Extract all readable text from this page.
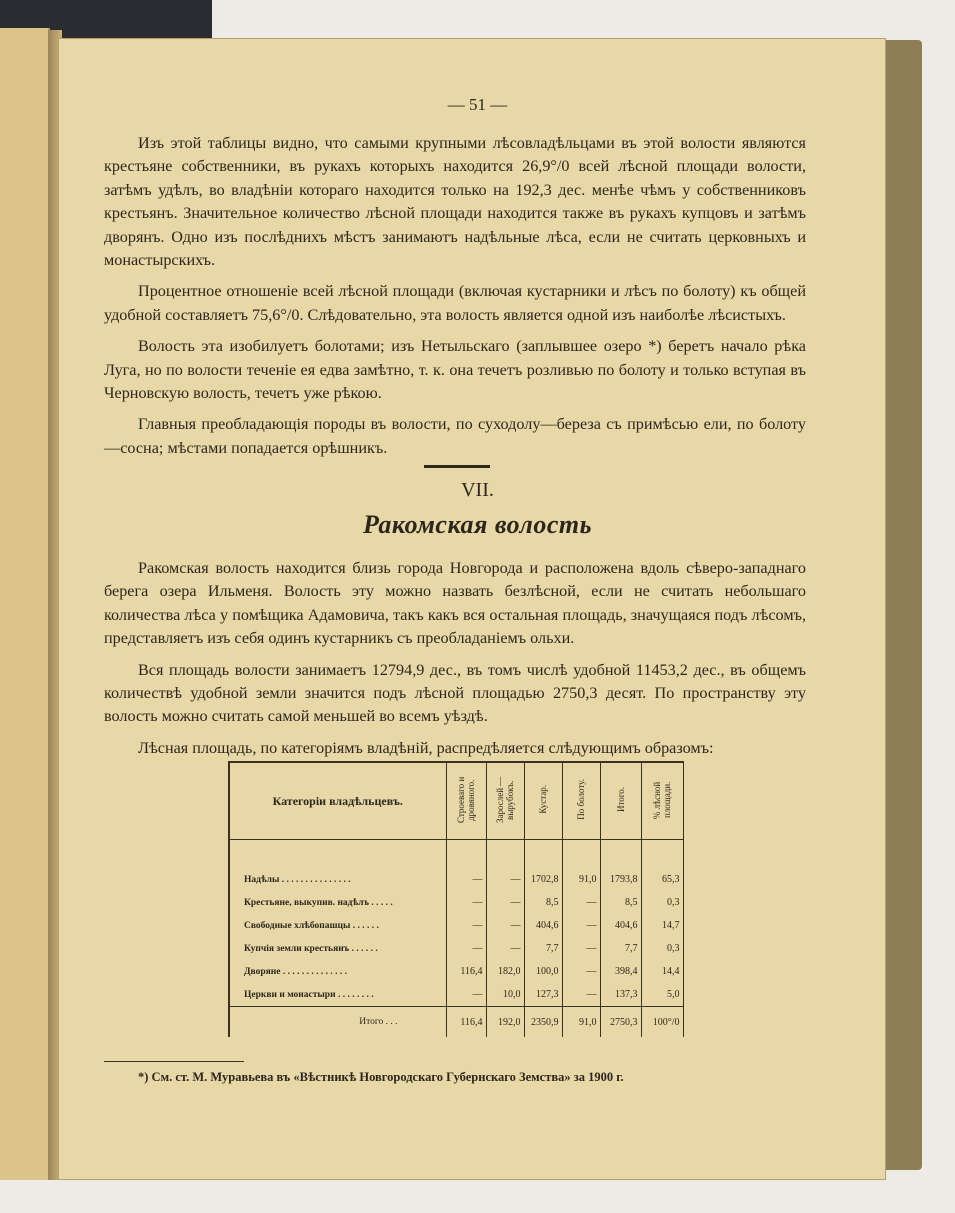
— 51 —

Изъ этой таблицы видно, что самыми крупными лѣсовладѣльцами въ этой волости являются крестьяне собственники, въ рукахъ которыхъ находится 26,9°/0 всей лѣсной площади волости, затѣмъ удѣлъ, во владѣніи котораго находится только на 192,3 дес. менѣе чѣмъ у собственниковъ крестьянъ. Значительное количество лѣсной площади находится также въ рукахъ купцовъ и затѣмъ дворянъ. Одно изъ послѣднихъ мѣстъ занимаютъ надѣльные лѣса, если не считать церковныхъ и монастырскихъ.

Процентное отношеніе всей лѣсной площади (включая кустарники и лѣсъ по болоту) къ общей удобной составляетъ 75,6°/0. Слѣдовательно, эта волость является одной изъ наиболѣе лѣсистыхъ.

Волость эта изобилуетъ болотами; изъ Нетыльскаго (заплывшее озеро *) беретъ начало рѣка Луга, но по волости теченіе ея едва замѣтно, т. к. она течетъ розливью по болоту и только вступая въ Черновскую волость, течетъ уже рѣкою.

Главныя преобладающія породы въ волости, по суходолу—береза съ примѣсью ели, по болоту—сосна; мѣстами попадается орѣшникъ.

VII.
Ракомская волость

Ракомская волость находится близь города Новгорода и расположена вдоль сѣверо-западнаго берега озера Ильменя. Волость эту можно назвать безлѣсной, если не считать небольшаго количества лѣса у помѣщика Адамовича, такъ какъ вся остальная площадь, значущаяся подъ лѣсомъ, представляетъ изъ себя одинъ кустарникъ съ преобладаніемъ ольхи.

Вся площадь волости занимаетъ 12794,9 дес., въ томъ числѣ удобной 11453,2 дес., въ общемъ количествѣ удобной земли значится подъ лѣсной площадью 2750,3 десят. По пространству эту волость можно считать самой меньшей во всемъ уѣздѣ.

Лѣсная площадь, по категоріямъ владѣній, распредѣляется слѣдующимъ образомъ:

Категоріи владѣльцевъ.	Строеваго и дровяного.	Зарослей — вырубокъ.	Кустар.	По болоту.	Итого.	% лѣсной площади.

Надѣлы . . . . . . . . . . . . . . .	—	—	1702,8	91,0	1793,8	65,3
Крестьяне, выкупив. надѣлъ . . . . .	—	—	8,5	—	8,5	0,3
Свободные хлѣбопашцы . . . . . .	—	—	404,6	—	404,6	14,7
Купчія земли крестьянъ . . . . . .	—	—	7,7	—	7,7	0,3
Дворяне . . . . . . . . . . . . . .	116,4	182,0	100,0	—	398,4	14,4
Церкви и монастыри . . . . . . . .	—	10,0	127,3	—	137,3	5,0
Итого . . .	116,4	192,0	2350,9	91,0	2750,3	100°/0
*) См. ст. М. Муравьева въ «Вѣстникѣ Новгородскаго Губернскаго Земства» за 1900 г.
